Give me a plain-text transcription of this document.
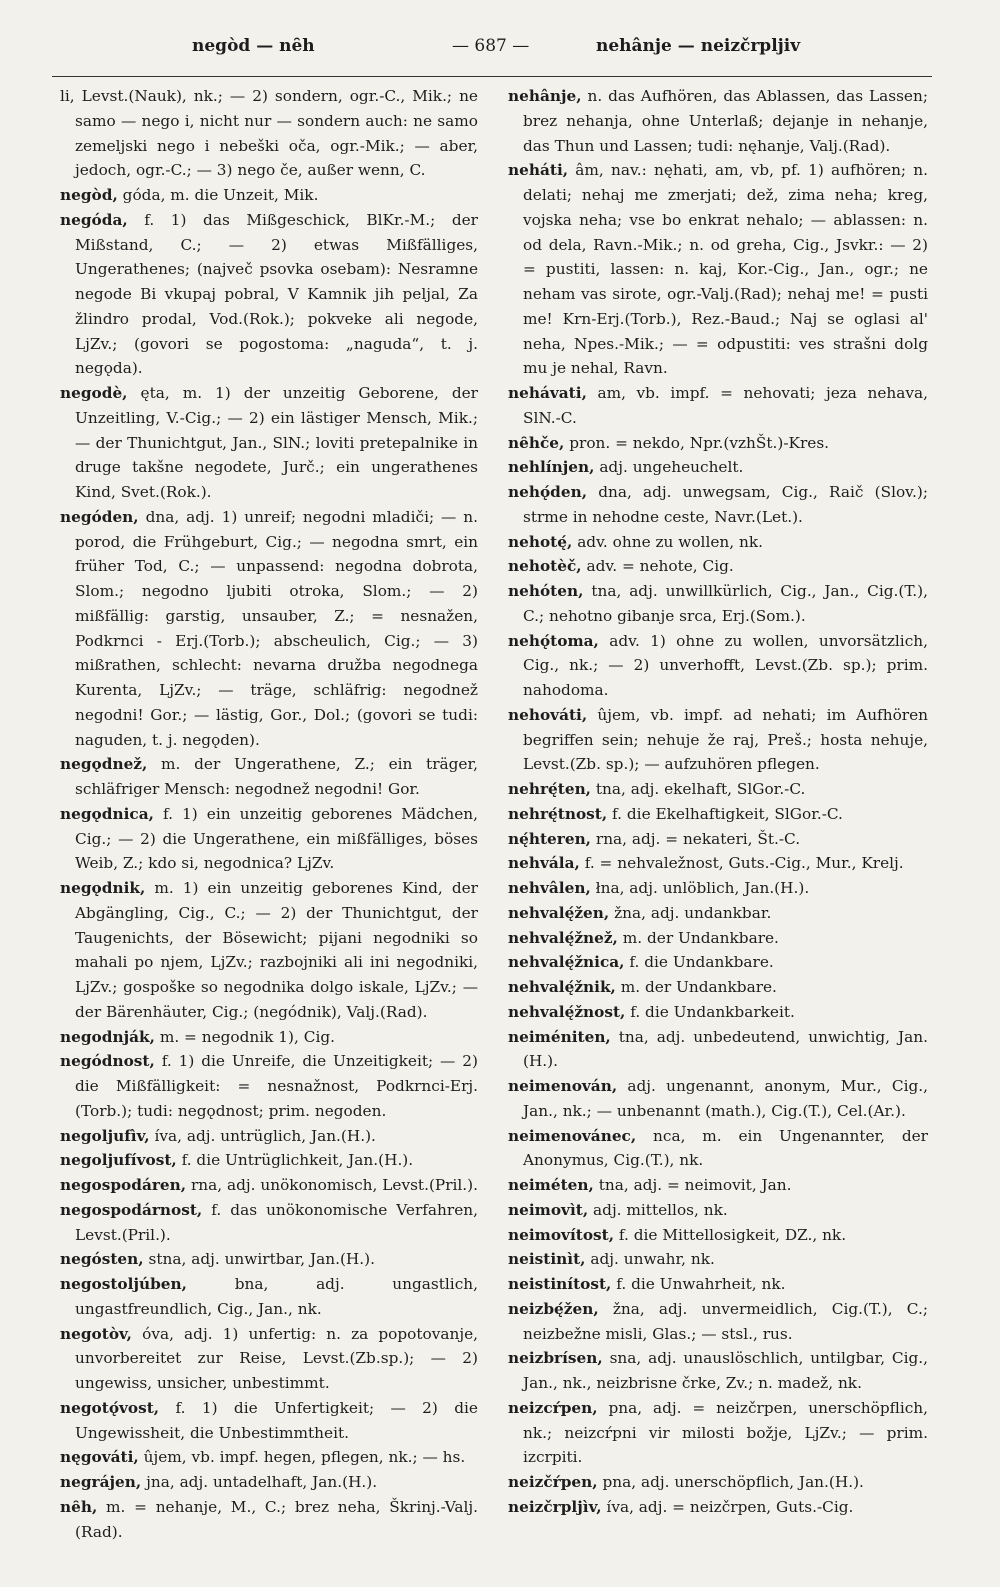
negòd — nȇh	— 687 —	nehânje — neizčrpljiv

li, Levst.(Nauk), nk.; — 2) sondern, ogr.-C., Mik.; ne samo — nego i, nicht nur — sondern auch: ne samo zemeljski nego i nebeški oča, ogr.-Mik.; — aber, jedoch, ogr.-C.; — 3) nego če, außer wenn, C.

negòd, góda, m. die Unzeit, Mik.

negóda, f. 1) das Mißgeschick, BlKr.-M.; der Mißstand, C.; — 2) etwas Mißfälliges, Ungerathenes; (največ psovka osebam): Nesramne negode Bi vkupaj pobral, V Kamnik jih peljal, Za žlindro prodal, Vod.(Rok.); pokveke ali negode, LjZv.; (govori se pogostoma: „naguda“, t. j. negǫda).

negodè, ęta, m. 1) der unzeitig Geborene, der Unzeitling, V.-Cig.; — 2) ein lästiger Mensch, Mik.; — der Thunichtgut, Jan., SlN.; loviti pretepalnike in druge takšne negodete, Jurč.; ein ungerathenes Kind, Svet.(Rok.).

negóden, dna, adj. 1) unreif; negodni mladiči; — n. porod, die Frühgeburt, Cig.; — negodna smrt, ein früher Tod, C.; — unpassend: negodna dobrota, Slom.; negodno ljubiti otroka, Slom.; — 2) mißfällig: garstig, unsauber, Z.; = nesnažen, Podkrnci - Erj.(Torb.); abscheulich, Cig.; — 3) mißrathen, schlecht: nevarna družba negodnega Kurenta, LjZv.; — träge, schläfrig: negodnež negodni! Gor.; — lästig, Gor., Dol.; (govori se tudi: naguden, t. j. negǫden).

negǫdnež, m. der Ungerathene, Z.; ein träger, schläfriger Mensch: negodnež negodni! Gor.

negǫdnica, f. 1) ein unzeitig geborenes Mädchen, Cig.; — 2) die Ungerathene, ein mißfälliges, böses Weib, Z.; kdo si, negodnica? LjZv.

negǫdnik, m. 1) ein unzeitig geborenes Kind, der Abgängling, Cig., C.; — 2) der Thunichtgut, der Taugenichts, der Bösewicht; pijani negodniki so mahali po njem, LjZv.; razbojniki ali ini negodniki, LjZv.; gospoške so negodnika dolgo iskale, LjZv.; — der Bärenhäuter, Cig.; (negódnik), Valj.(Rad).

negodnják, m. = negodnik 1), Cig.

negódnost, f. 1) die Unreife, die Unzeitigkeit; — 2) die Mißfälligkeit: = nesnažnost, Podkrnci-Erj.(Torb.); tudi: negǫdnost; prim. negoden.

negoljufìv, íva, adj. untrüglich, Jan.(H.).

negoljufívost, f. die Untrüglichkeit, Jan.(H.).

negospodáren, rna, adj. unökonomisch, Levst.(Pril.).

negospodárnost, f. das unökonomische Verfahren, Levst.(Pril.).

negósten, stna, adj. unwirtbar, Jan.(H.).

negostoljúben,	bna, adj. ungastlich, ungastfreundlich, Cig., Jan., nk.

negotòv, óva, adj. 1) unfertig: n. za popotovanje, unvorbereitet zur Reise, Levst.(Zb.sp.); — 2) ungewiss, unsicher, unbestimmt.

negotǫ́vost, f. 1) die Unfertigkeit; — 2) die Ungewissheit, die Unbestimmtheit.

nęgováti, ûjem, vb. impf. hegen, pflegen, nk.; — hs.

negrájen, jna, adj. untadelhaft, Jan.(H.).

nȇh, m. = nehanje, M., C.; brez neha, Škrinj.-Valj.(Rad).

nehânje, n. das Aufhören, das Ablassen, das Lassen; brez nehanja, ohne Unterlaß; dejanje in nehanje, das Thun und Lassen; tudi: nęhanje, Valj.(Rad).

neháti, âm, nav.: nęhati, am, vb, pf. 1) aufhören; n. delati; nehaj me zmerjati; dež, zima neha; kreg, vojska neha; vse bo enkrat nehalo; — ablassen: n. od dela, Ravn.-Mik.; n. od greha, Cig., Jsvkr.: — 2) = pustiti, lassen: n. kaj, Kor.-Cig., Jan., ogr.; ne neham vas sirote, ogr.-Valj.(Rad); nehaj me! = pusti me! Krn-Erj.(Torb.), Rez.-Baud.; Naj se oglasi al' neha, Npes.-Mik.; — = odpustiti: ves strašni dolg mu je nehal, Ravn.

nehávati, am, vb. impf. = nehovati; jeza nehava, SlN.-C.

nȇhče, pron. = nekdo, Npr.(vzhŠt.)-Kres.

nehlínjen, adj. ungeheuchelt.

nehǫ́den, dna, adj. unwegsam, Cig., Raič (Slov.); strme in nehodne ceste, Navr.(Let.).

nehotę́, adv. ohne zu wollen, nk.

nehotèč, adv. = nehote, Cig.

nehóten, tna, adj. unwillkürlich, Cig., Jan., Cig.(T.), C.; nehotno gibanje srca, Erj.(Som.).

nehǫ́toma, adv. 1) ohne zu wollen, unvorsätzlich, Cig., nk.; — 2) unverhofft, Levst.(Zb. sp.); prim. nahodoma.

nehováti, ûjem, vb. impf. ad nehati; im Aufhören begriffen sein; nehuje že raj, Preš.; hosta nehuje, Levst.(Zb. sp.); — aufzuhören pflegen.

nehrę́ten, tna, adj. ekelhaft, SlGor.-C.

nehrę́tnost, f. die Ekelhaftigkeit, SlGor.-C.

nę́hteren, rna, adj. = nekateri, Št.-C.

nehvála, f. = nehvaležnost, Guts.-Cig., Mur., Krelj.

nehvâlen, łna, adj. unlöblich, Jan.(H.).

nehvalę́žen, žna, adj. undankbar.

nehvalę́žnež, m. der Undankbare.

nehvalę́žnica, f. die Undankbare.

nehvalę́žnik, m. der Undankbare.

nehvalę́žnost, f. die Undankbarkeit.

neiméniten, tna, adj. unbedeutend, unwichtig, Jan.(H.).

neimenován, adj. ungenannt, anonym, Mur., Cig., Jan., nk.; — unbenannt (math.), Cig.(T.), Cel.(Ar.).

neimenovánec, nca, m. ein Ungenannter, der Anonymus, Cig.(T.), nk.

neiméten, tna, adj. = neimovit, Jan.

neimovìt, adj. mittellos, nk.

neimovítost, f. die Mittellosigkeit, DZ., nk.

neistinìt, adj. unwahr, nk.

neistinítost, f. die Unwahrheit, nk.

neizbę́žen, žna, adj. unvermeidlich, Cig.(T.), C.; neizbežne misli, Glas.; — stsl., rus.

neizbrísen, sna, adj. unauslöschlich, untilgbar, Cig., Jan., nk., neizbrisne črke, Zv.; n. madež, nk.

neizcŕpen, pna, adj. = neizčrpen, unerschöpflich, nk.; neizcŕpni vir milosti božje, LjZv.; — prim. izcrpiti.

neizčŕpen, pna, adj. unerschöpflich, Jan.(H.).

neizčrpljìv, íva, adj. = neizčrpen, Guts.-Cig.
